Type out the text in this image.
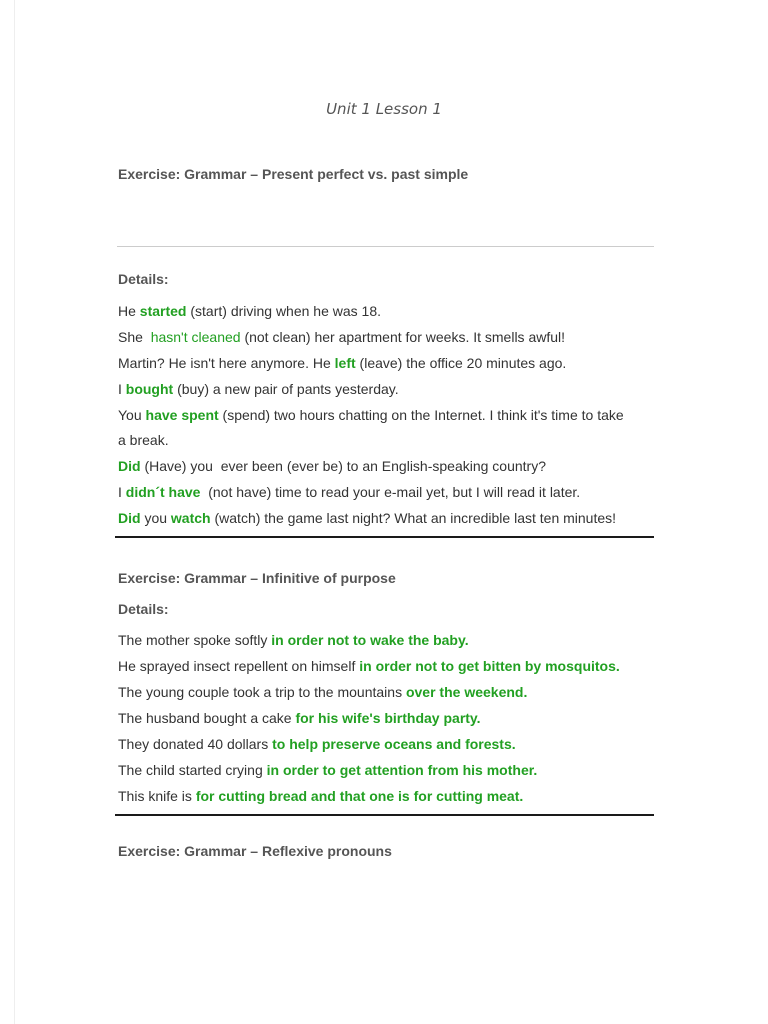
Unit 1 Lesson 1
Exercise: Grammar – Present perfect vs. past simple
Details:
He started (start) driving when he was 18.
She  hasn't cleaned (not clean) her apartment for weeks. It smells awful!
Martin? He isn't here anymore. He left (leave) the office 20 minutes ago.
I bought (buy) a new pair of pants yesterday.
You have spent (spend) two hours chatting on the Internet. I think it's time to take
a break.
Did (Have) you  ever been (ever be) to an English-speaking country?
I didn´t have  (not have) time to read your e-mail yet, but I will read it later.
Did you watch (watch) the game last night? What an incredible last ten minutes!
Exercise: Grammar – Infinitive of purpose
Details:
The mother spoke softly in order not to wake the baby.
He sprayed insect repellent on himself in order not to get bitten by mosquitos.
The young couple took a trip to the mountains over the weekend.
The husband bought a cake for his wife's birthday party.
They donated 40 dollars to help preserve oceans and forests.
The child started crying in order to get attention from his mother.
This knife is for cutting bread and that one is for cutting meat.
Exercise: Grammar – Reflexive pronouns
